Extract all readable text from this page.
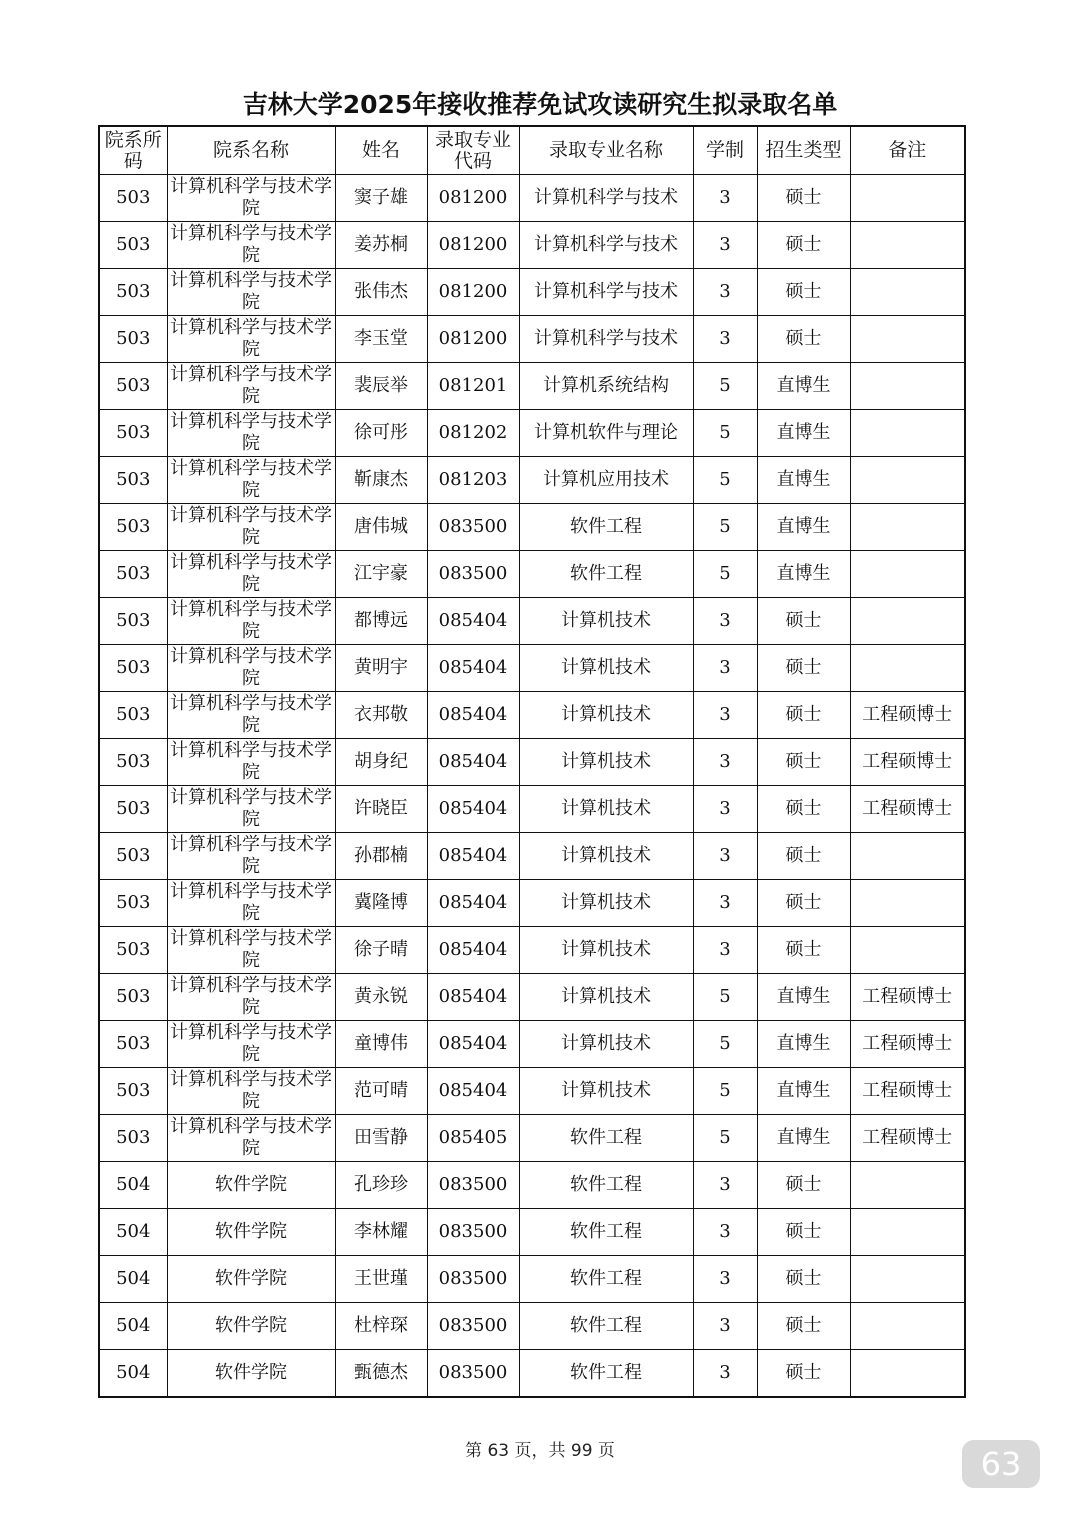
吉林大学2025年接收推荐免试攻读研究生拟录取名单
院系所码	院系名称	姓名	录取专业代码	录取专业名称	学制	招生类型	备注
503	计算机科学与技术学院	窦子雄	081200	计算机科学与技术	3	硕士	
503	计算机科学与技术学院	姜苏桐	081200	计算机科学与技术	3	硕士	
503	计算机科学与技术学院	张伟杰	081200	计算机科学与技术	3	硕士	
503	计算机科学与技术学院	李玉堂	081200	计算机科学与技术	3	硕士	
503	计算机科学与技术学院	裴辰举	081201	计算机系统结构	5	直博生	
503	计算机科学与技术学院	徐可彤	081202	计算机软件与理论	5	直博生	
503	计算机科学与技术学院	靳康杰	081203	计算机应用技术	5	直博生	
503	计算机科学与技术学院	唐伟城	083500	软件工程	5	直博生	
503	计算机科学与技术学院	江宇豪	083500	软件工程	5	直博生	
503	计算机科学与技术学院	都博远	085404	计算机技术	3	硕士	
503	计算机科学与技术学院	黄明宇	085404	计算机技术	3	硕士	
503	计算机科学与技术学院	衣邦敬	085404	计算机技术	3	硕士	工程硕博士
503	计算机科学与技术学院	胡身纪	085404	计算机技术	3	硕士	工程硕博士
503	计算机科学与技术学院	许晓臣	085404	计算机技术	3	硕士	工程硕博士
503	计算机科学与技术学院	孙郡楠	085404	计算机技术	3	硕士	
503	计算机科学与技术学院	冀隆博	085404	计算机技术	3	硕士	
503	计算机科学与技术学院	徐子晴	085404	计算机技术	3	硕士	
503	计算机科学与技术学院	黄永锐	085404	计算机技术	5	直博生	工程硕博士
503	计算机科学与技术学院	童博伟	085404	计算机技术	5	直博生	工程硕博士
503	计算机科学与技术学院	范可晴	085404	计算机技术	5	直博生	工程硕博士
503	计算机科学与技术学院	田雪静	085405	软件工程	5	直博生	工程硕博士
504	软件学院	孔珍珍	083500	软件工程	3	硕士	
504	软件学院	李林耀	083500	软件工程	3	硕士	
504	软件学院	王世瑾	083500	软件工程	3	硕士	
504	软件学院	杜梓琛	083500	软件工程	3	硕士	
504	软件学院	甄德杰	083500	软件工程	3	硕士	
第 63 页，共 99 页	63
